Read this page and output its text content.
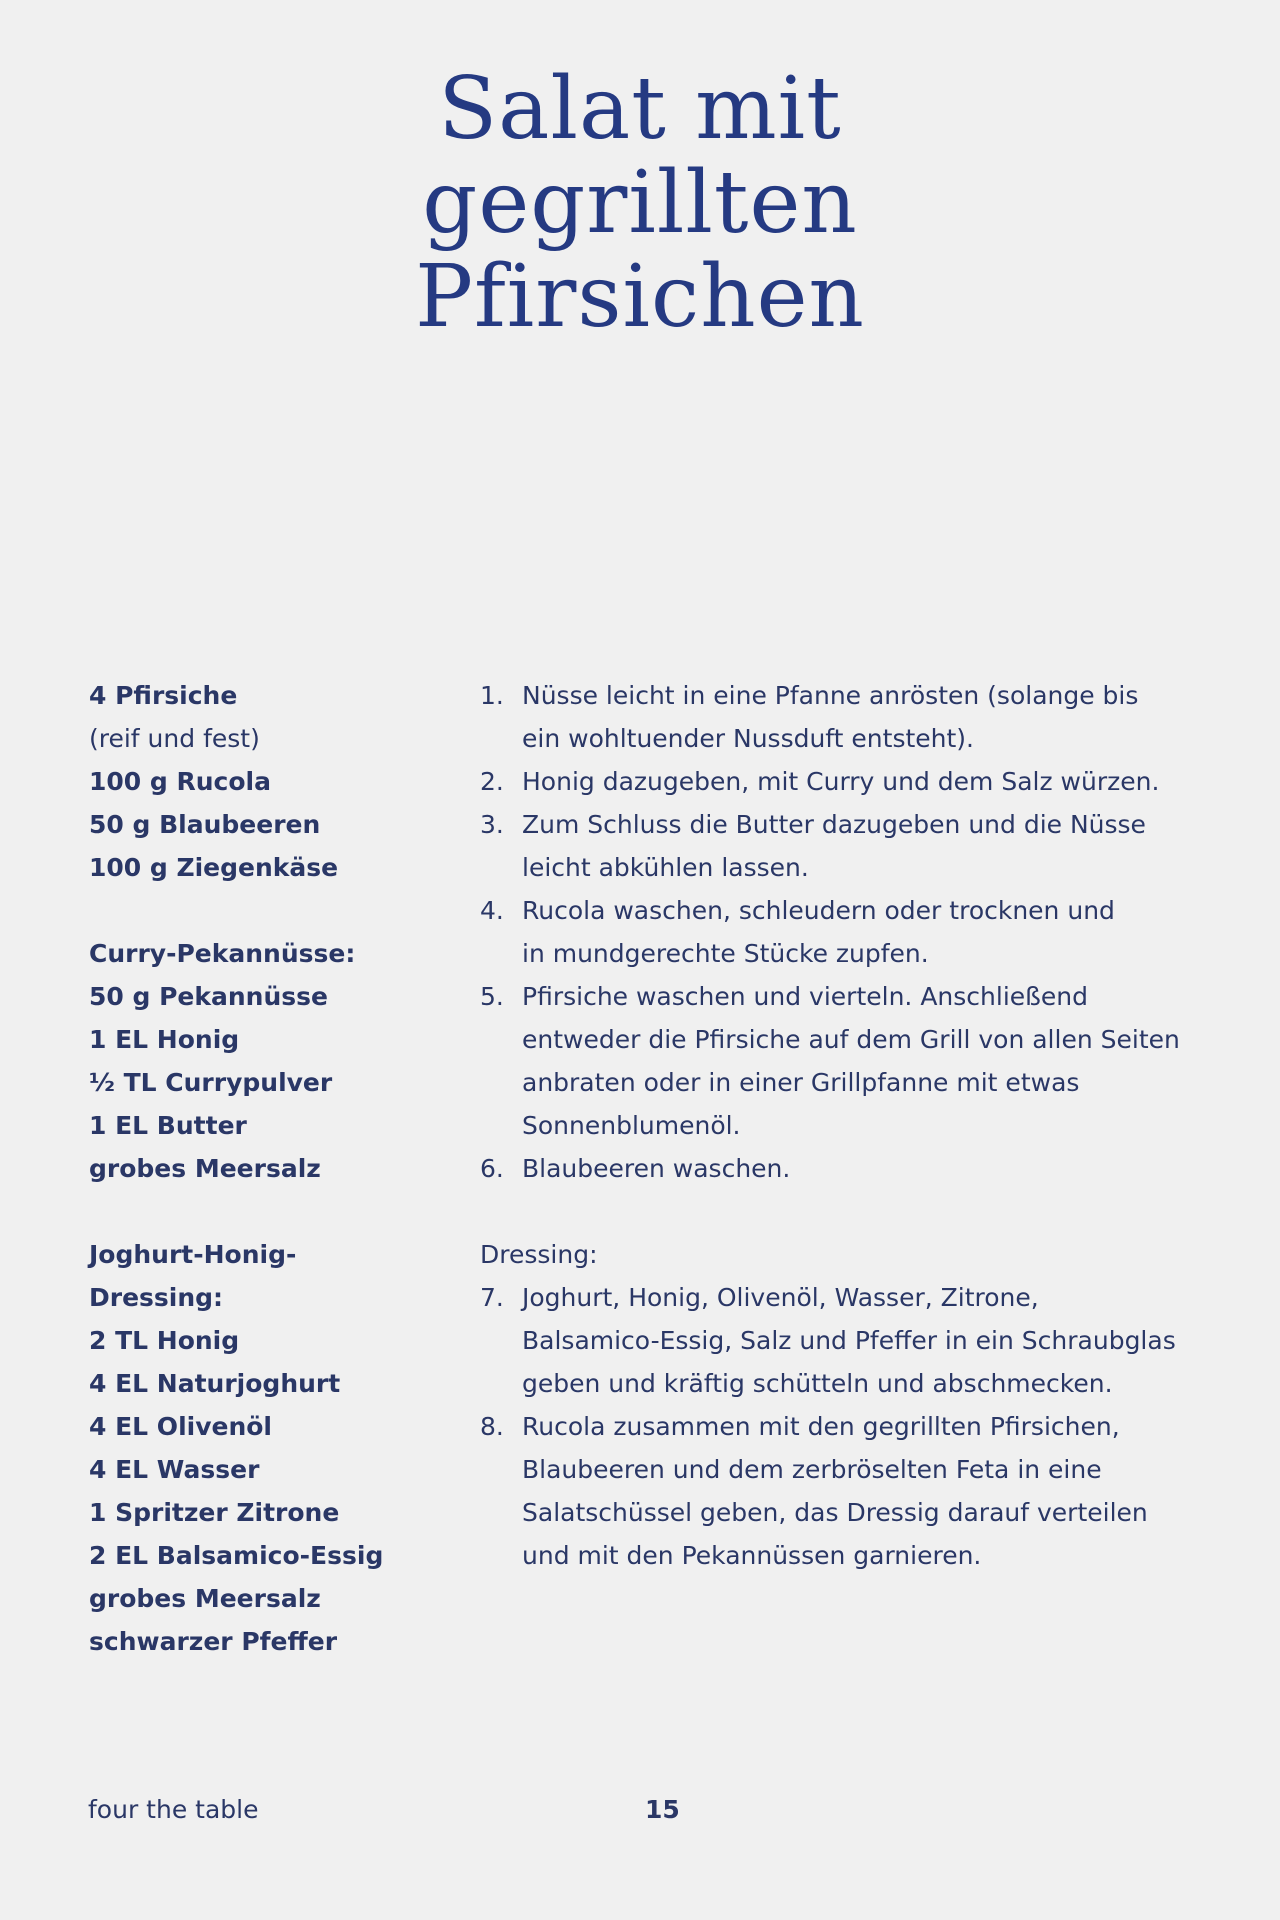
Salat mit
gegrillten
Pfirsichen
4 Pfirsiche
(reif und fest)
100 g Rucola
50 g Blaubeeren
100 g Ziegenkäse
Curry-Pekannüsse:
50 g Pekannüsse
1 EL Honig
½ TL Currypulver
1 EL Butter
grobes Meersalz
Joghurt-Honig-
Dressing:
2 TL Honig
4 EL Naturjoghurt
4 EL Olivenöl
4 EL Wasser
1 Spritzer Zitrone
2 EL Balsamico-Essig
grobes Meersalz
schwarzer Pfeffer
1. Nüsse leicht in eine Pfanne anrösten (solange bis
ein wohltuender Nussduft entsteht).
2. Honig dazugeben, mit Curry und dem Salz würzen.
3. Zum Schluss die Butter dazugeben und die Nüsse
leicht abkühlen lassen.
4. Rucola waschen, schleudern oder trocknen und
in mundgerechte Stücke zupfen.
5. Pfirsiche waschen und vierteln. Anschließend
entweder die Pfirsiche auf dem Grill von allen Seiten
anbraten oder in einer Grillpfanne mit etwas
Sonnenblumenöl.
6. Blaubeeren waschen.
Dressing:
7. Joghurt, Honig, Olivenöl, Wasser, Zitrone,
Balsamico-Essig, Salz und Pfeffer in ein Schraubglas
geben und kräftig schütteln und abschmecken.
8. Rucola zusammen mit den gegrillten Pfirsichen,
Blaubeeren und dem zerbröselten Feta in eine
Salatschüssel geben, das Dressig darauf verteilen
und mit den Pekannüssen garnieren.
four the table	15
